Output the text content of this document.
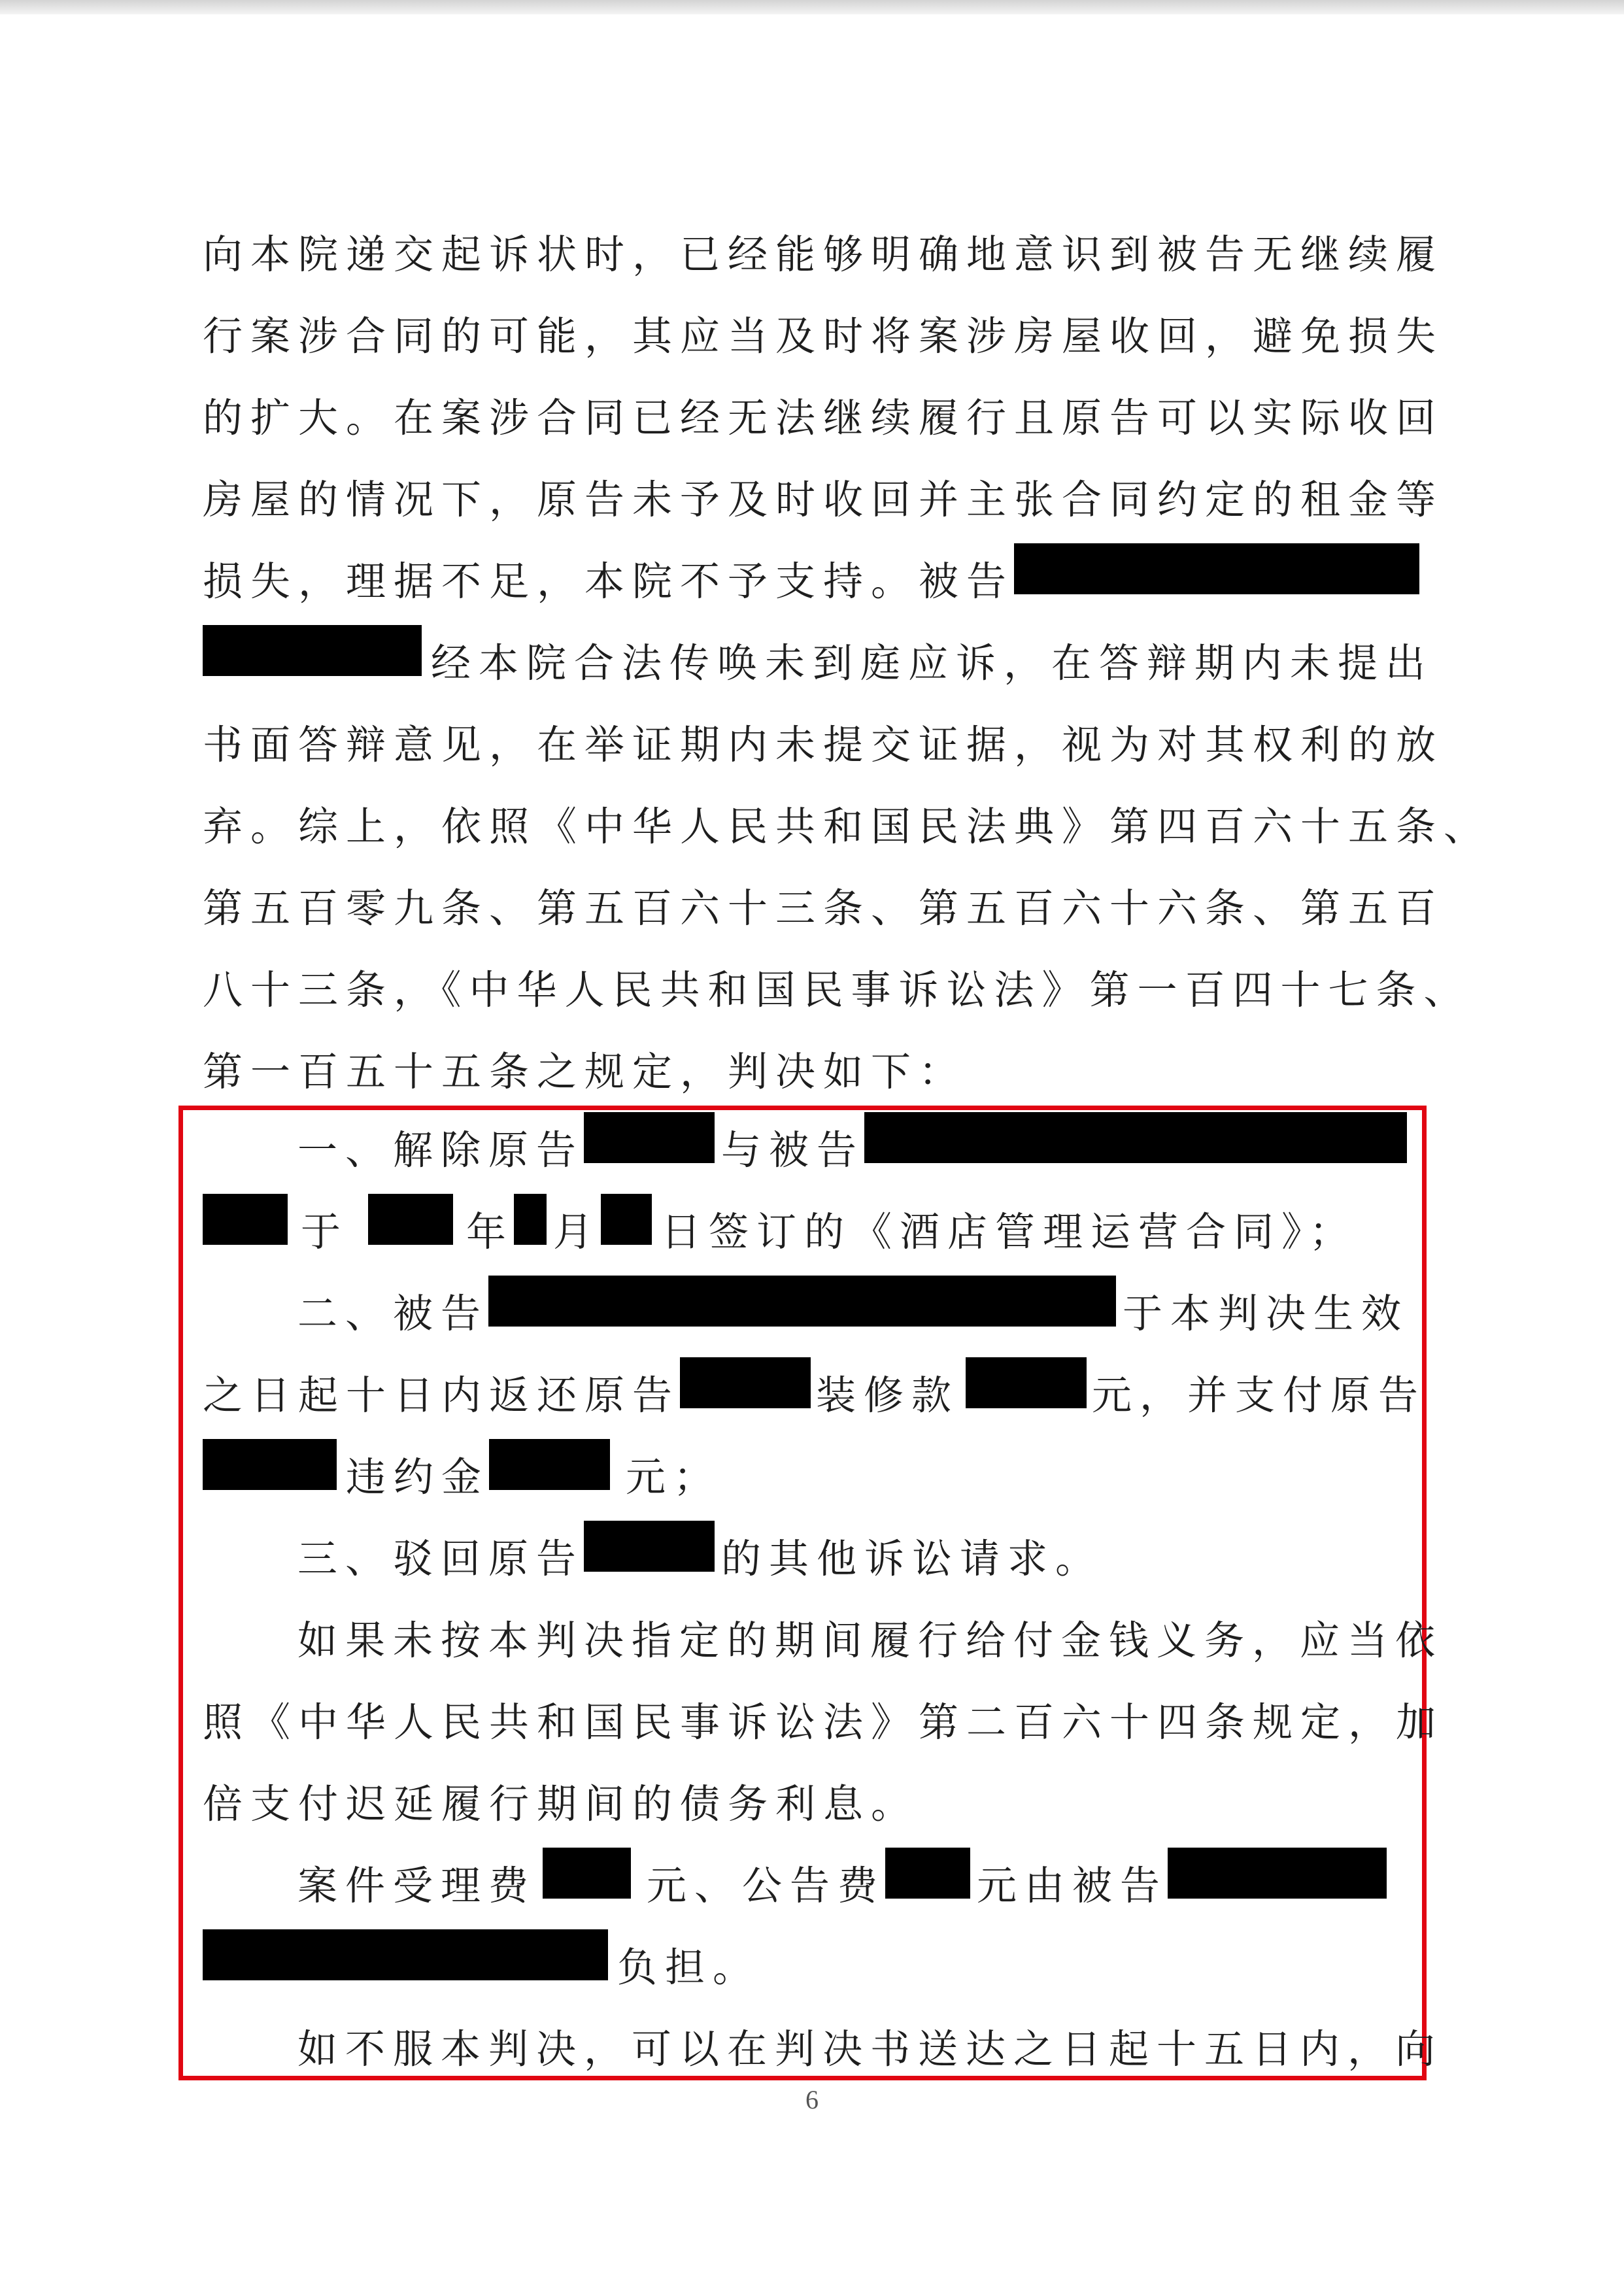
向本院递交起诉状时，已经能够明确地意识到被告无继续履
行案涉合同的可能，其应当及时将案涉房屋收回，避免损失
的扩大。在案涉合同已经无法继续履行且原告可以实际收回
房屋的情况下，原告未予及时收回并主张合同约定的租金等
损失，理据不足，本院不予支持。被告
经本院合法传唤未到庭应诉，在答辩期内未提出
书面答辩意见，在举证期内未提交证据，视为对其权利的放
弃。综上，依照《中华人民共和国民法典》第四百六十五条、
第五百零九条、第五百六十三条、第五百六十六条、第五百
八十三条，《中华人民共和国民事诉讼法》第一百四十七条、
第一百五十五条之规定，判决如下：
一、解除原告	与被告
于	年 月 日签订的《酒店管理运营合同》；
二、被告	于本判决生效
之日起十日内返还原告	装修款	元，并支付原告
违约金	元；
三、驳回原告	的其他诉讼请求。
如果未按本判决指定的期间履行给付金钱义务，应当依
照《中华人民共和国民事诉讼法》第二百六十四条规定，加
倍支付迟延履行期间的债务利息。
案件受理费	元、公告费 元由被告
负担。
如不服本判决，可以在判决书送达之日起十五日内，向
6
